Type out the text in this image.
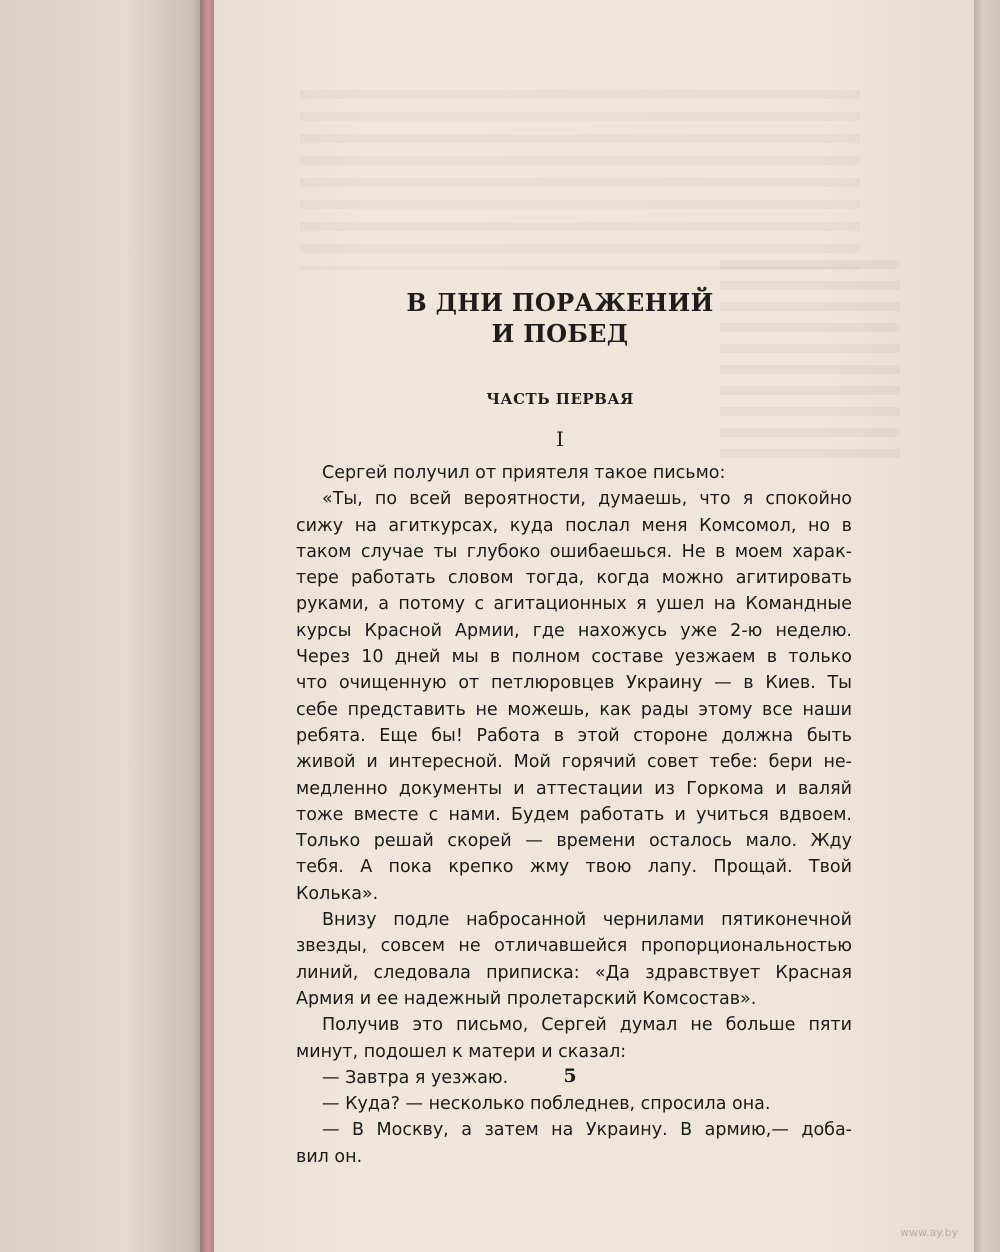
В ДНИ ПОРАЖЕНИЙ
И ПОБЕД
ЧАСТЬ ПЕРВАЯ
I
Сергей получил от приятеля такое письмо:
«Ты, по всей вероятности, думаешь, что я спокойно
сижу на агиткурсах, куда послал меня Комсомол, но в
таком случае ты глубоко ошибаешься. Не в моем харак-
тере работать словом тогда, когда можно агитировать
руками, а потому с агитационных я ушел на Командные
курсы Красной Армии, где нахожусь уже 2-ю неделю.
Через 10 дней мы в полном составе уезжаем в только
что очищенную от петлюровцев Украину — в Киев. Ты
себе представить не можешь, как рады этому все наши
ребята. Еще бы! Работа в этой стороне должна быть
живой и интересной. Мой горячий совет тебе: бери не-
медленно документы и аттестации из Горкома и валяй
тоже вместе с нами. Будем работать и учиться вдвоем.
Только решай скорей — времени осталось мало. Жду
тебя. А пока крепко жму твою лапу. Прощай. Твой
Колька».
Внизу подле набросанной чернилами пятиконечной
звезды, совсем не отличавшейся пропорциональностью
линий, следовала приписка: «Да здравствует Красная
Армия и ее надежный пролетарский Комсостав».
Получив это письмо, Сергей думал не больше пяти
минут, подошел к матери и сказал:
— Завтра я уезжаю.
— Куда? — несколько побледнев, спросила она.
— В Москву, а затем на Украину. В армию,— доба-
вил он.
5
www.ay.by
